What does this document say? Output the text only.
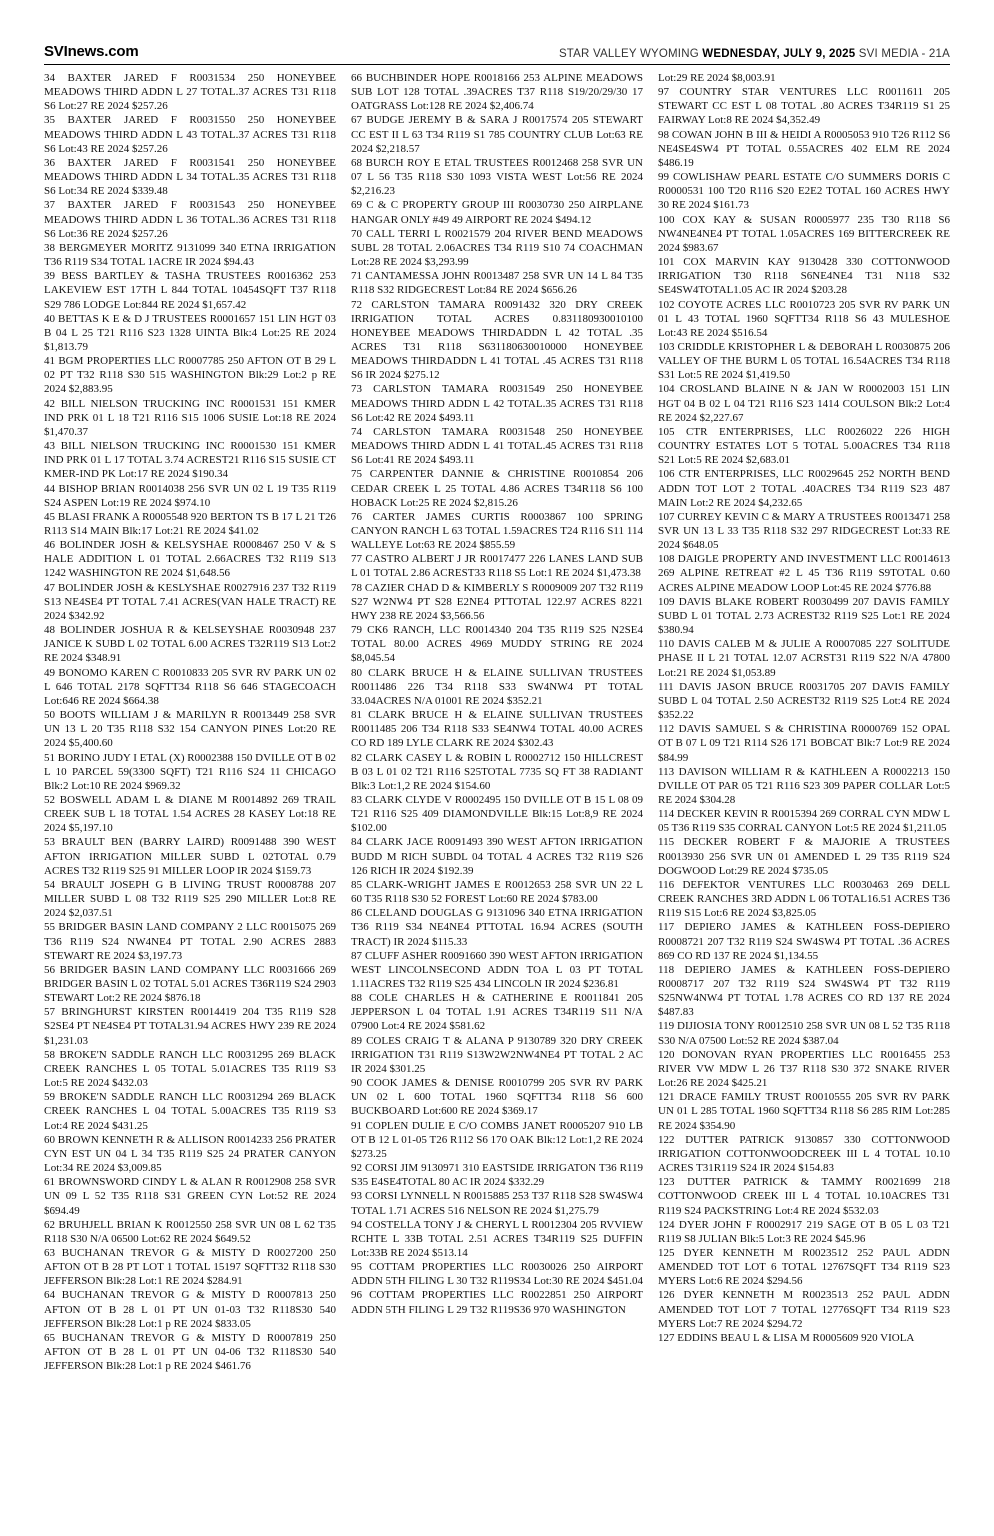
SVInews.com	STAR VALLEY WYOMING WEDNESDAY, JULY 9, 2025 SVI MEDIA - 21A

34 BAXTER JARED F R0031534 250 HONEYBEE MEADOWS THIRD ADDN L 27 TOTAL.37 ACRES T31 R118 S6 Lot:27 RE 2024 $257.26

35 BAXTER JARED F R0031550 250 HONEYBEE MEADOWS THIRD ADDN L 43 TOTAL.37 ACRES T31 R118 S6 Lot:43 RE 2024 $257.26

36 BAXTER JARED F R0031541 250 HONEYBEE MEADOWS THIRD ADDN L 34 TOTAL.35 ACRES T31 R118 S6 Lot:34 RE 2024 $339.48

37 BAXTER JARED F R0031543 250 HONEYBEE MEADOWS THIRD ADDN L 36 TOTAL.36 ACRES T31 R118 S6 Lot:36 RE 2024 $257.26

38 BERGMEYER MORITZ 9131099 340 ETNA IRRIGATION T36 R119 S34 TOTAL 1ACRE IR 2024 $94.43

39 BESS BARTLEY & TASHA TRUSTEES R0016362 253 LAKEVIEW EST 17TH L 844 TOTAL 10454SQFT T37 R118 S29 786 LODGE Lot:844 RE 2024 $1,657.42

40 BETTAS K E & D J TRUSTEES R0001657 151 LIN HGT 03 B 04 L 25 T21 R116 S23 1328 UINTA Blk:4 Lot:25 RE 2024 $1,813.79

41 BGM PROPERTIES LLC R0007785 250 AFTON OT B 29 L 02 PT T32 R118 S30 515 WASHINGTON Blk:29 Lot:2 p RE 2024 $2,883.95

42 BILL NIELSON TRUCKING INC R0001531 151 KMER IND PRK 01 L 18 T21 R116 S15 1006 SUSIE Lot:18 RE 2024 $1,470.37

43 BILL NIELSON TRUCKING INC R0001530 151 KMER IND PRK 01 L 17 TOTAL 3.74 ACREST21 R116 S15 SUSIE CT KMER-IND PK Lot:17 RE 2024 $190.34

44 BISHOP BRIAN R0014038 256 SVR UN 02 L 19 T35 R119 S24 ASPEN Lot:19 RE 2024 $974.10

45 BLASI FRANK A R0005548 920 BERTON TS B 17 L 21 T26 R113 S14 MAIN Blk:17 Lot:21 RE 2024 $41.02

46 BOLINDER JOSH & KELSYSHAE R0008467 250 V & S HALE ADDITION L 01 TOTAL 2.66ACRES T32 R119 S13 1242 WASHINGTON RE 2024 $1,648.56

47 BOLINDER JOSH & KESLYSHAE R0027916 237 T32 R119 S13 NE4SE4 PT TOTAL 7.41 ACRES(VAN HALE TRACT) RE 2024 $342.92

48 BOLINDER JOSHUA R & KELSEYSHAE R0030948 237 JANICE K SUBD L 02 TOTAL 6.00 ACRES T32R119 S13 Lot:2 RE 2024 $348.91

49 BONOMO KAREN C R0010833 205 SVR RV PARK UN 02 L 646 TOTAL 2178 SQFTT34 R118 S6 646 STAGECOACH Lot:646 RE 2024 $664.38

50 BOOTS WILLIAM J & MARILYN R R0013449 258 SVR UN 13 L 20 T35 R118 S32 154 CANYON PINES Lot:20 RE 2024 $5,400.60

51 BORINO JUDY I ETAL (X) R0002388 150 DVILLE OT B 02 L 10 PARCEL 59(3300 SQFT) T21 R116 S24 11 CHICAGO Blk:2 Lot:10 RE 2024 $969.32

52 BOSWELL ADAM L & DIANE M R0014892 269 TRAIL CREEK SUB L 18 TOTAL 1.54 ACRES 28 KASEY Lot:18 RE 2024 $5,197.10

53 BRAULT BEN (BARRY LAIRD) R0091488 390 WEST AFTON IRRIGATION MILLER SUBD L 02TOTAL 0.79 ACRES T32 R119 S25 91 MILLER LOOP IR 2024 $159.73

54 BRAULT JOSEPH G B LIVING TRUST R0008788 207 MILLER SUBD L 08 T32 R119 S25 290 MILLER Lot:8 RE 2024 $2,037.51

55 BRIDGER BASIN LAND COMPANY 2 LLC R0015075 269 T36 R119 S24 NW4NE4 PT TOTAL 2.90 ACRES 2883 STEWART RE 2024 $3,197.73

56 BRIDGER BASIN LAND COMPANY LLC R0031666 269 BRIDGER BASIN L 02 TOTAL 5.01 ACRES T36R119 S24 2903 STEWART Lot:2 RE 2024 $876.18

57 BRINGHURST KIRSTEN R0014419 204 T35 R119 S28 S2SE4 PT NE4SE4 PT TOTAL31.94 ACRES HWY 239 RE 2024 $1,231.03

58 BROKE'N SADDLE RANCH LLC R0031295 269 BLACK CREEK RANCHES L 05 TOTAL 5.01ACRES T35 R119 S3 Lot:5 RE 2024 $432.03

59 BROKE'N SADDLE RANCH LLC R0031294 269 BLACK CREEK RANCHES L 04 TOTAL 5.00ACRES T35 R119 S3 Lot:4 RE 2024 $431.25

60 BROWN KENNETH R & ALLISON R0014233 256 PRATER CYN EST UN 04 L 34 T35 R119 S25 24 PRATER CANYON Lot:34 RE 2024 $3,009.85

61 BROWNSWORD CINDY L & ALAN R R0012908 258 SVR UN 09 L 52 T35 R118 S31 GREEN CYN Lot:52 RE 2024 $694.49

62 BRUHJELL BRIAN K R0012550 258 SVR UN 08 L 62 T35 R118 S30 N/A 06500 Lot:62 RE 2024 $649.52

63 BUCHANAN TREVOR G & MISTY D R0027200 250 AFTON OT B 28 PT LOT 1 TOTAL 15197 SQFTT32 R118 S30 JEFFERSON Blk:28 Lot:1 RE 2024 $284.91

64 BUCHANAN TREVOR G & MISTY D R0007813 250 AFTON OT B 28 L 01 PT UN 01-03 T32 R118S30 540 JEFFERSON Blk:28 Lot:1 p RE 2024 $833.05

65 BUCHANAN TREVOR G & MISTY D R0007819 250 AFTON OT B 28 L 01 PT UN 04-06 T32 R118S30 540 JEFFERSON Blk:28 Lot:1 p RE 2024 $461.76

66 BUCHBINDER HOPE R0018166 253 ALPINE MEADOWS SUB LOT 128 TOTAL .39ACRES T37 R118 S19/20/29/30 17 OATGRASS Lot:128 RE 2024 $2,406.74

67 BUDGE JEREMY B & SARA J R0017574 205 STEWART CC EST II L 63 T34 R119 S1 785 COUNTRY CLUB Lot:63 RE 2024 $2,218.57

68 BURCH ROY E ETAL TRUSTEES R0012468 258 SVR UN 07 L 56 T35 R118 S30 1093 VISTA WEST Lot:56 RE 2024 $2,216.23

69 C & C PROPERTY GROUP III R0030730 250 AIRPLANE HANGAR ONLY #49 49 AIRPORT RE 2024 $494.12

70 CALL TERRI L R0021579 204 RIVER BEND MEADOWS SUBL 28 TOTAL 2.06ACRES T34 R119 S10 74 COACHMAN Lot:28 RE 2024 $3,293.99

71 CANTAMESSA JOHN R0013487 258 SVR UN 14 L 84 T35 R118 S32 RIDGECREST Lot:84 RE 2024 $656.26

72 CARLSTON TAMARA R0091432 320 DRY CREEK IRRIGATION TOTAL ACRES 0.831180930010100 HONEYBEE MEADOWS THIRDADDN L 42 TOTAL .35 ACRES T31 R118 S631180630010000 HONEYBEE MEADOWS THIRDADDN L 41 TOTAL .45 ACRES T31 R118 S6 IR 2024 $275.12

73 CARLSTON TAMARA R0031549 250 HONEYBEE MEADOWS THIRD ADDN L 42 TOTAL.35 ACRES T31 R118 S6 Lot:42 RE 2024 $493.11

74 CARLSTON TAMARA R0031548 250 HONEYBEE MEADOWS THIRD ADDN L 41 TOTAL.45 ACRES T31 R118 S6 Lot:41 RE 2024 $493.11

75 CARPENTER DANNIE & CHRISTINE R0010854 206 CEDAR CREEK L 25 TOTAL 4.86 ACRES T34R118 S6 100 HOBACK Lot:25 RE 2024 $2,815.26

76 CARTER JAMES CURTIS R0003867 100 SPRING CANYON RANCH L 63 TOTAL 1.59ACRES T24 R116 S11 114 WALLEYE Lot:63 RE 2024 $855.59

77 CASTRO ALBERT J JR R0017477 226 LANES LAND SUB L 01 TOTAL 2.86 ACREST33 R118 S5 Lot:1 RE 2024 $1,473.38

78 CAZIER CHAD D & KIMBERLY S R0009009 207 T32 R119 S27 W2NW4 PT S28 E2NE4 PTTOTAL 122.97 ACRES 8221 HWY 238 RE 2024 $3,566.56

79 CK6 RANCH, LLC R0014340 204 T35 R119 S25 N2SE4 TOTAL 80.00 ACRES 4969 MUDDY STRING RE 2024 $8,045.54

80 CLARK BRUCE H & ELAINE SULLIVAN TRUSTEES R0011486 226 T34 R118 S33 SW4NW4 PT TOTAL 33.04ACRES N/A 01001 RE 2024 $352.21

81 CLARK BRUCE H & ELAINE SULLIVAN TRUSTEES R0011485 206 T34 R118 S33 SE4NW4 TOTAL 40.00 ACRES CO RD 189 LYLE CLARK RE 2024 $302.43

82 CLARK CASEY L & ROBIN L R0002712 150 HILLCREST B 03 L 01 02 T21 R116 S25TOTAL 7735 SQ FT 38 RADIANT Blk:3 Lot:1,2 RE 2024 $154.60

83 CLARK CLYDE V R0002495 150 DVILLE OT B 15 L 08 09 T21 R116 S25 409 DIAMONDVILLE Blk:15 Lot:8,9 RE 2024 $102.00

84 CLARK JACE R0091493 390 WEST AFTON IRRIGATION BUDD M RICH SUBDL 04 TOTAL 4 ACRES T32 R119 S26 126 RICH IR 2024 $192.39

85 CLARK-WRIGHT JAMES E R0012653 258 SVR UN 22 L 60 T35 R118 S30 52 FOREST Lot:60 RE 2024 $783.00

86 CLELAND DOUGLAS G 9131096 340 ETNA IRRIGATION T36 R119 S34 NE4NE4 PTTOTAL 16.94 ACRES (SOUTH TRACT) IR 2024 $115.33

87 CLUFF ASHER R0091660 390 WEST AFTON IRRIGATION WEST LINCOLNSECOND ADDN TOA L 03 PT TOTAL 1.11ACRES T32 R119 S25 434 LINCOLN IR 2024 $236.81

88 COLE CHARLES H & CATHERINE E R0011841 205 JEPPERSON L 04 TOTAL 1.91 ACRES T34R119 S11 N/A 07900 Lot:4 RE 2024 $581.62

89 COLES CRAIG T & ALANA P 9130789 320 DRY CREEK IRRIGATION T31 R119 S13W2W2NW4NE4 PT TOTAL 2 AC IR 2024 $301.25

90 COOK JAMES & DENISE R0010799 205 SVR RV PARK UN 02 L 600 TOTAL 1960 SQFTT34 R118 S6 600 BUCKBOARD Lot:600 RE 2024 $369.17

91 COPLEN DULIE E C/O COMBS JANET R0005207 910 LB OT B 12 L 01-05 T26 R112 S6 170 OAK Blk:12 Lot:1,2 RE 2024 $273.25

92 CORSI JIM 9130971 310 EASTSIDE IRRIGATON T36 R119 S35 E4SE4TOTAL 80 AC IR 2024 $332.29

93 CORSI LYNNELL N R0015885 253 T37 R118 S28 SW4SW4 TOTAL 1.71 ACRES 516 NELSON RE 2024 $1,275.79

94 COSTELLA TONY J & CHERYL L R0012304 205 RVVIEW RCHTE L 33B TOTAL 2.51 ACRES T34R119 S25 DUFFIN Lot:33B RE 2024 $513.14

95 COTTAM PROPERTIES LLC R0030026 250 AIRPORT ADDN 5TH FILING L 30 T32 R119S34 Lot:30 RE 2024 $451.04

96 COTTAM PROPERTIES LLC R0022851 250 AIRPORT ADDN 5TH FILING L 29 T32 R119S36 970 WASHINGTON

Lot:29 RE 2024 $8,003.91

97 COUNTRY STAR VENTURES LLC R0011611 205 STEWART CC EST L 08 TOTAL .80 ACRES T34R119 S1 25 FAIRWAY Lot:8 RE 2024 $4,352.49

98 COWAN JOHN B III & HEIDI A R0005053 910 T26 R112 S6 NE4SE4SW4 PT TOTAL 0.55ACRES 402 ELM RE 2024 $486.19

99 COWLISHAW PEARL ESTATE C/O SUMMERS DORIS C R0000531 100 T20 R116 S20 E2E2 TOTAL 160 ACRES HWY 30 RE 2024 $161.73

100 COX KAY & SUSAN R0005977 235 T30 R118 S6 NW4NE4NE4 PT TOTAL 1.05ACRES 169 BITTERCREEK RE 2024 $983.67

101 COX MARVIN KAY 9130428 330 COTTONWOOD IRRIGATION T30 R118 S6NE4NE4 T31 N118 S32 SE4SW4TOTAL1.05 AC IR 2024 $203.28

102 COYOTE ACRES LLC R0010723 205 SVR RV PARK UN 01 L 43 TOTAL 1960 SQFTT34 R118 S6 43 MULESHOE Lot:43 RE 2024 $516.54

103 CRIDDLE KRISTOPHER L & DEBORAH L R0030875 206 VALLEY OF THE BURM L 05 TOTAL 16.54ACRES T34 R118 S31 Lot:5 RE 2024 $1,419.50

104 CROSLAND BLAINE N & JAN W R0002003 151 LIN HGT 04 B 02 L 04 T21 R116 S23 1414 COULSON Blk:2 Lot:4 RE 2024 $2,227.67

105 CTR ENTERPRISES, LLC R0026022 226 HIGH COUNTRY ESTATES LOT 5 TOTAL 5.00ACRES T34 R118 S21 Lot:5 RE 2024 $2,683.01

106 CTR ENTERPRISES, LLC R0029645 252 NORTH BEND ADDN TOT LOT 2 TOTAL .40ACRES T34 R119 S23 487 MAIN Lot:2 RE 2024 $4,232.65

107 CURREY KEVIN C & MARY A TRUSTEES R0013471 258 SVR UN 13 L 33 T35 R118 S32 297 RIDGECREST Lot:33 RE 2024 $648.05

108 DAIGLE PROPERTY AND INVESTMENT LLC R0014613 269 ALPINE RETREAT #2 L 45 T36 R119 S9TOTAL 0.60 ACRES ALPINE MEADOW LOOP Lot:45 RE 2024 $776.88

109 DAVIS BLAKE ROBERT R0030499 207 DAVIS FAMILY SUBD L 01 TOTAL 2.73 ACREST32 R119 S25 Lot:1 RE 2024 $380.94

110 DAVIS CALEB M & JULIE A R0007085 227 SOLITUDE PHASE II L 21 TOTAL 12.07 ACRST31 R119 S22 N/A 47800 Lot:21 RE 2024 $1,053.89

111 DAVIS JASON BRUCE R0031705 207 DAVIS FAMILY SUBD L 04 TOTAL 2.50 ACREST32 R119 S25 Lot:4 RE 2024 $352.22

112 DAVIS SAMUEL S & CHRISTINA R0000769 152 OPAL OT B 07 L 09 T21 R114 S26 171 BOBCAT Blk:7 Lot:9 RE 2024 $84.99

113 DAVISON WILLIAM R & KATHLEEN A R0002213 150 DVILLE OT PAR 05 T21 R116 S23 309 PAPER COLLAR Lot:5 RE 2024 $304.28

114 DECKER KEVIN R R0015394 269 CORRAL CYN MDW L 05 T36 R119 S35 CORRAL CANYON Lot:5 RE 2024 $1,211.05

115 DECKER ROBERT F & MAJORIE A TRUSTEES R0013930 256 SVR UN 01 AMENDED L 29 T35 R119 S24 DOGWOOD Lot:29 RE 2024 $735.05

116 DEFEKTOR VENTURES LLC R0030463 269 DELL CREEK RANCHES 3RD ADDN L 06 TOTAL16.51 ACRES T36 R119 S15 Lot:6 RE 2024 $3,825.05

117 DEPIERO JAMES & KATHLEEN FOSS-DEPIERO R0008721 207 T32 R119 S24 SW4SW4 PT TOTAL .36 ACRES 869 CO RD 137 RE 2024 $1,134.55

118 DEPIERO JAMES & KATHLEEN FOSS-DEPIERO R0008717 207 T32 R119 S24 SW4SW4 PT T32 R119 S25NW4NW4 PT TOTAL 1.78 ACRES CO RD 137 RE 2024 $487.83

119 DIJIOSIA TONY R0012510 258 SVR UN 08 L 52 T35 R118 S30 N/A 07500 Lot:52 RE 2024 $387.04

120 DONOVAN RYAN PROPERTIES LLC R0016455 253 RIVER VW MDW L 26 T37 R118 S30 372 SNAKE RIVER Lot:26 RE 2024 $425.21

121 DRACE FAMILY TRUST R0010555 205 SVR RV PARK UN 01 L 285 TOTAL 1960 SQFTT34 R118 S6 285 RIM Lot:285 RE 2024 $354.90

122 DUTTER PATRICK 9130857 330 COTTONWOOD IRRIGATION COTTONWOODCREEK III L 4 TOTAL 10.10 ACRES T31R119 S24 IR 2024 $154.83

123 DUTTER PATRICK & TAMMY R0021699 218 COTTONWOOD CREEK III L 4 TOTAL 10.10ACRES T31 R119 S24 PACKSTRING Lot:4 RE 2024 $532.03

124 DYER JOHN F R0002917 219 SAGE OT B 05 L 03 T21 R119 S8 JULIAN Blk:5 Lot:3 RE 2024 $45.96

125 DYER KENNETH M R0023512 252 PAUL ADDN AMENDED TOT LOT 6 TOTAL 12767SQFT T34 R119 S23 MYERS Lot:6 RE 2024 $294.56

126 DYER KENNETH M R0023513 252 PAUL ADDN AMENDED TOT LOT 7 TOTAL 12776SQFT T34 R119 S23 MYERS Lot:7 RE 2024 $294.72

127 EDDINS BEAU L & LISA M R0005609 920 VIOLA
